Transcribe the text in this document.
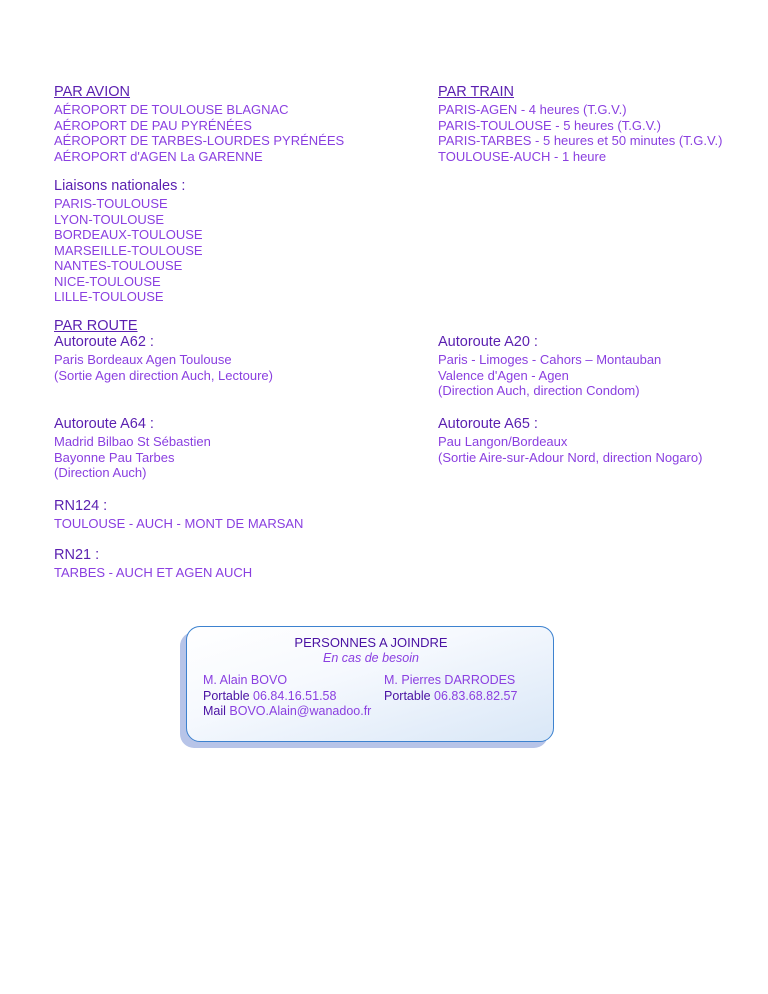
PAR AVION

AÉROPORT DE TOULOUSE BLAGNAC

AÉROPORT DE PAU PYRÉNÉES

AÉROPORT DE TARBES-LOURDES PYRÉNÉES

AÉROPORT d'AGEN La GARENNE

PAR TRAIN

PARIS-AGEN - 4 heures (T.G.V.)

PARIS-TOULOUSE - 5 heures (T.G.V.)

PARIS-TARBES - 5 heures et 50 minutes (T.G.V.)

TOULOUSE-AUCH - 1 heure

Liaisons nationales :

PARIS-TOULOUSE

LYON-TOULOUSE

BORDEAUX-TOULOUSE

MARSEILLE-TOULOUSE

NANTES-TOULOUSE

NICE-TOULOUSE

LILLE-TOULOUSE

PAR ROUTE

Autoroute A62 :

Paris Bordeaux Agen Toulouse

(Sortie Agen direction Auch, Lectoure)

Autoroute A20 :

Paris - Limoges - Cahors – Montauban

Valence d'Agen - Agen

(Direction Auch, direction Condom)

Autoroute A64 :

Madrid Bilbao St Sébastien

Bayonne Pau Tarbes

(Direction Auch)

Autoroute A65 :

Pau Langon/Bordeaux

(Sortie Aire-sur-Adour Nord, direction Nogaro)

RN124 :

TOULOUSE - AUCH - MONT DE MARSAN

RN21 :

TARBES - AUCH ET AGEN AUCH

PERSONNES A JOINDRE

En cas de besoin

M. Alain BOVO

Portable 06.84.16.51.58

Mail BOVO.Alain@wanadoo.fr

M. Pierres DARRODES

Portable 06.83.68.82.57
